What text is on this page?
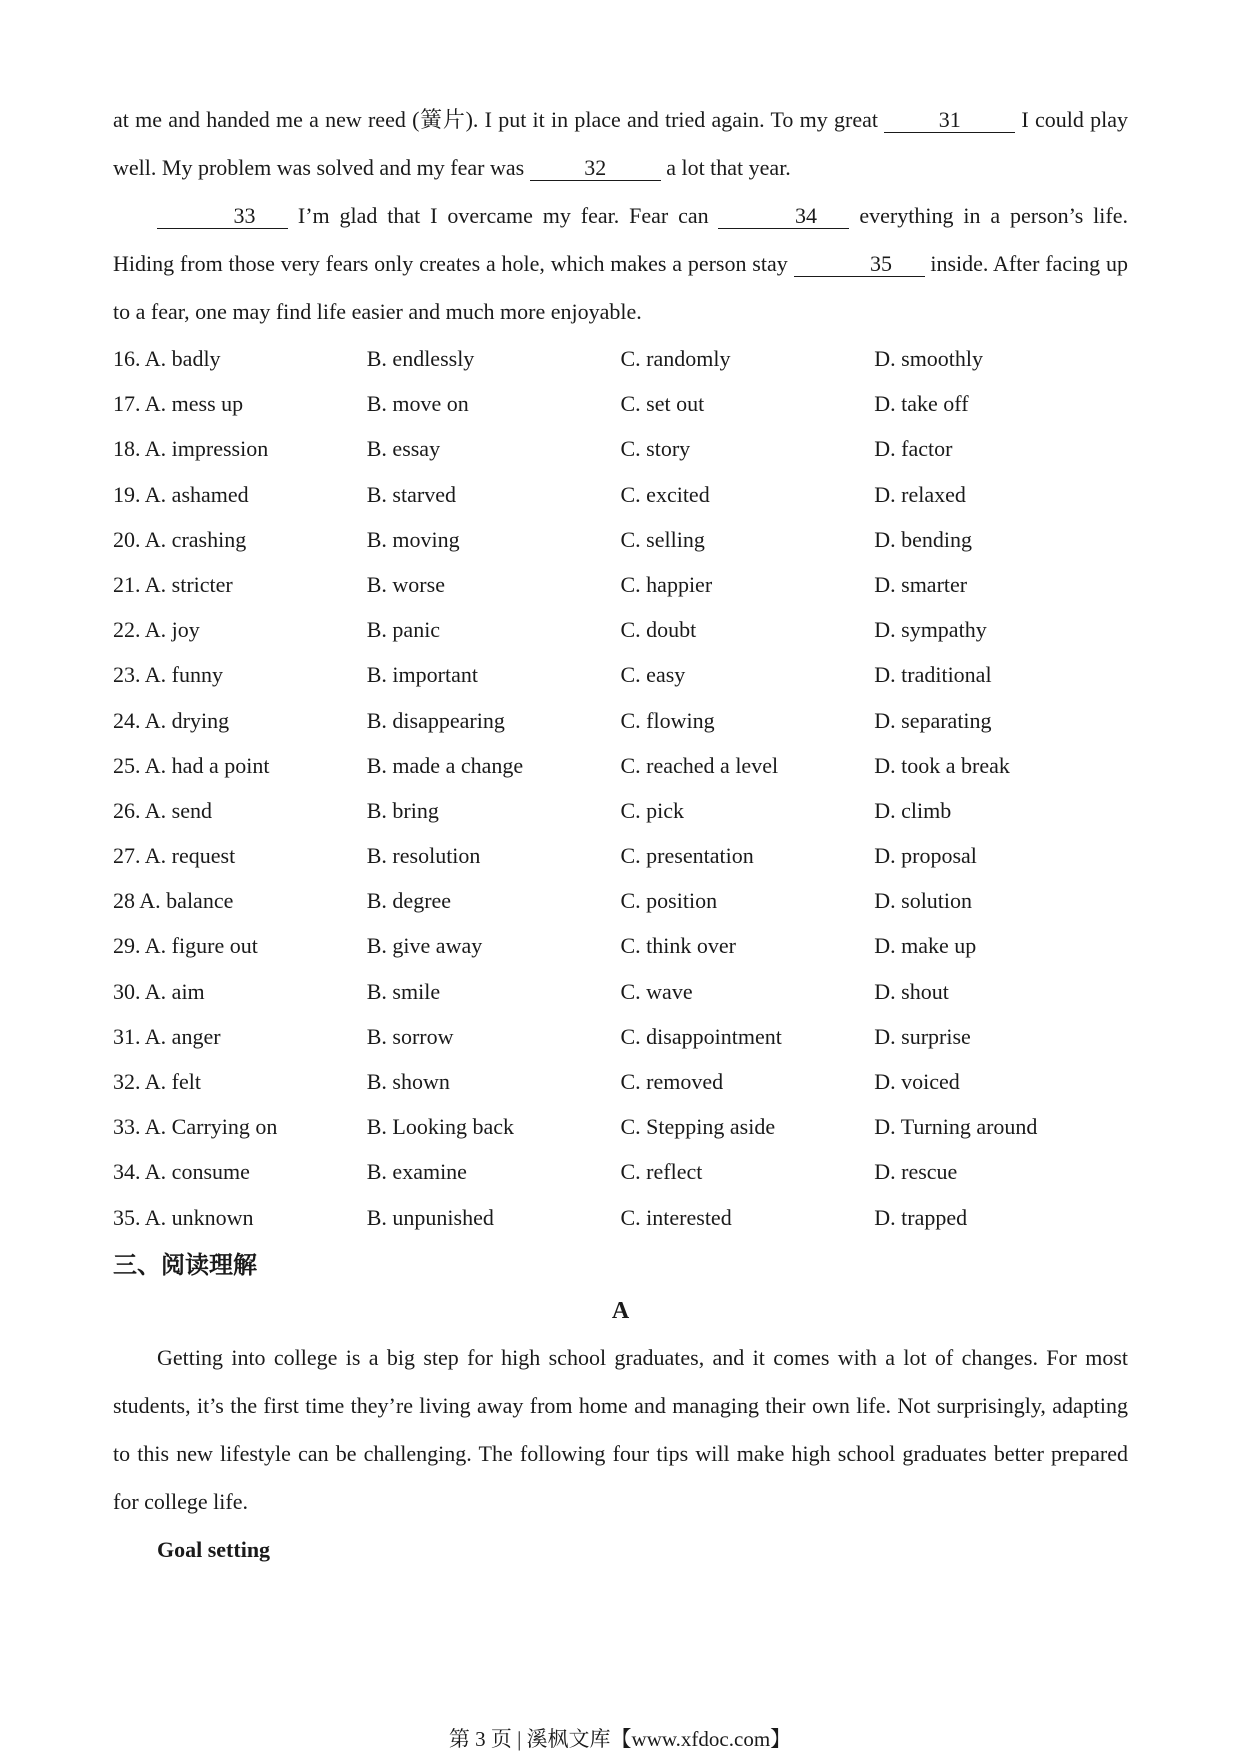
at me and handed me a new reed (簧片). I put it in place and tried again. To my great 31 I could play well. My problem was solved and my fear was 32 a lot that year.

33 I’m glad that I overcame my fear. Fear can	34 everything in a person’s life. Hiding from those very fears only creates a hole, which makes a person stay	35 inside. After facing up to a fear, one may find life easier and much more enjoyable.

16. A. badly	B. endlessly	C. randomly	D. smoothly
17. A. mess up	B. move on	C. set out	D. take off
18. A. impression	B. essay	C. story	D. factor
19. A. ashamed	B. starved	C. excited	D. relaxed
20. A. crashing	B. moving	C. selling	D. bending
21. A. stricter	B. worse	C. happier	D. smarter
22. A. joy	B. panic	C. doubt	D. sympathy
23. A. funny	B. important	C. easy	D. traditional
24. A. drying	B. disappearing	C. flowing	D. separating
25. A. had a point	B. made a change	C. reached a level	D. took a break
26. A. send	B. bring	C. pick	D. climb
27. A. request	B. resolution	C. presentation	D. proposal
28 A. balance	B. degree	C. position	D. solution
29. A. figure out	B. give away	C. think over	D. make up
30. A. aim	B. smile	C. wave	D. shout
31. A. anger	B. sorrow	C. disappointment	D. surprise
32. A. felt	B. shown	C. removed	D. voiced
33. A. Carrying on	B. Looking back	C. Stepping aside	D. Turning around
34. A. consume	B. examine	C. reflect	D. rescue
35. A. unknown	B. unpunished	C. interested	D. trapped
三、阅读理解
A

Getting into college is a big step for high school graduates, and it comes with a lot of changes. For most students, it’s the first time they’re living away from home and managing their own life. Not surprisingly, adapting to this new lifestyle can be challenging. The following four tips will make high school graduates better prepared for college life.

Goal setting

第 3 页 | 溪枫文库【www.xfdoc.com】
